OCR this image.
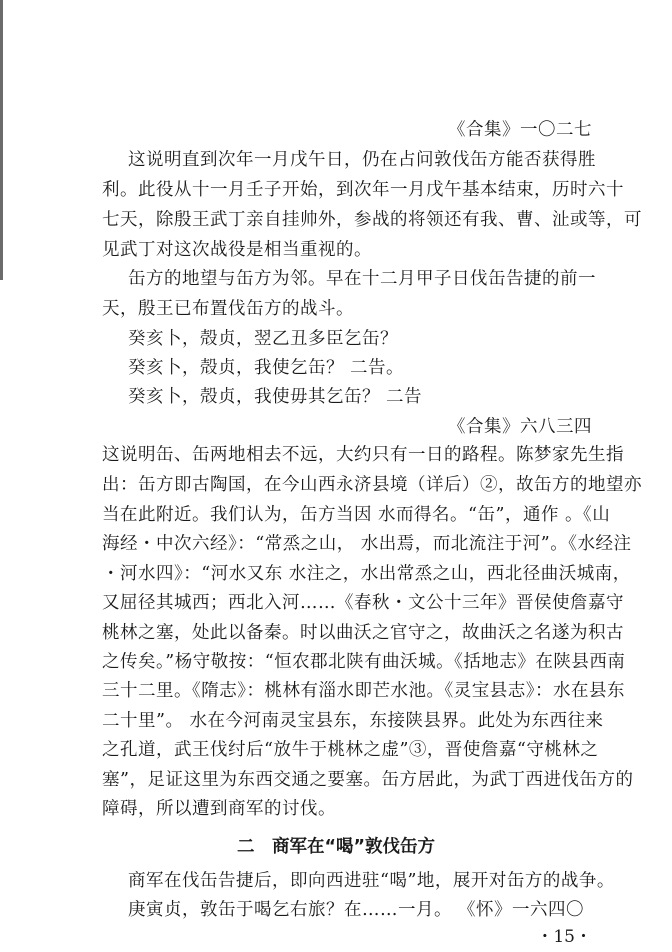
《合集》一〇二七
这说明直到次年一月戊午日，仍在占问敦伐缶方能否获得胜
利。此役从十一月壬子开始，到次年一月戊午基本结束，历时六十
七天，除殷王武丁亲自挂帅外，参战的将领还有我、曹、沚或等，可
见武丁对这次战役是相当重视的。
缶方的地望与缶方为邻。早在十二月甲子日伐缶告捷的前一
天，殷王已布置伐缶方的战斗。
癸亥卜，殻贞，翌乙丑多臣乞缶？
癸亥卜，殻贞，我使乞缶？ 二告。
癸亥卜，殻贞，我使毋其乞缶？ 二告
《合集》六八三四
这说明缶、缶两地相去不远，大约只有一日的路程。陈梦家先生指
出：缶方即古陶国，在今山西永济县境（详后）②，故缶方的地望亦
当在此附近。我们认为，缶方当因 水而得名。“缶”，通作 。《山
海经・中次六经》：“常烝之山， 水出焉，而北流注于河”。《水经注
・河水四》：“河水又东 水注之，水出常烝之山，西北径曲沃城南，
又屈径其城西；西北入河……《春秋・文公十三年》晋侯使詹嘉守
桃林之塞，处此以备秦。时以曲沃之官守之，故曲沃之名遂为积古
之传矣。”杨守敬按：“恒农郡北陕有曲沃城。《括地志》在陕县西南
三十二里。《隋志》：桃林有淄水即芒水池。《灵宝县志》：水在县东
二十里”。 水在今河南灵宝县东，东接陕县界。此处为东西往来
之孔道，武王伐纣后“放牛于桃林之虚”③，晋使詹嘉“守桃林之
塞”，足证这里为东西交通之要塞。缶方居此，为武丁西进伐缶方的
障碍，所以遭到商军的讨伐。
二　商军在“喝”敦伐缶方
商军在伐缶告捷后，即向西进驻“喝”地，展开对缶方的战争。
庚寅贞，敦缶于喝乞右旅？在……一月。 《怀》一六四〇
・15・
